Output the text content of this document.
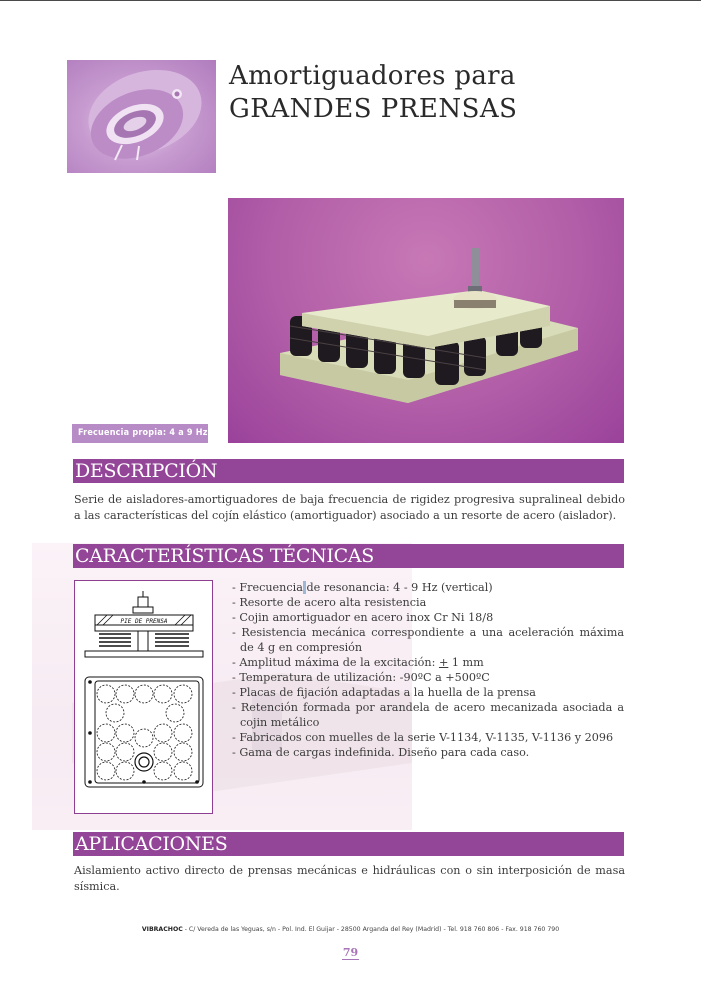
Amortiguadores para
GRANDES PRENSAS
Frecuencia propia: 4 a 9 Hz
DESCRIPCIÓN
Serie de aisladores-amortiguadores de baja frecuencia de rigidez progresiva supralineal debido a las características del cojín elástico (amortiguador) asociado a un resorte de acero (aislador).
CARACTERÍSTICAS TÉCNICAS
PIE DE PRENSA
- Frecuencia de resonancia: 4 - 9 Hz (vertical)
- Resorte de acero alta resistencia
- Cojin amortiguador en acero inox Cr Ni 18/8
- Resistencia mecánica correspondiente a una aceleración máxima de 4 g en compresión
- Amplitud máxima de la excitación: + 1 mm
- Temperatura de utilización: -90ºC a +500ºC
- Placas de fijación adaptadas a la huella de la prensa
- Retención formada por arandela de acero mecanizada asociada a cojin metálico
- Fabricados con muelles de la serie V-1134, V-1135, V-1136 y 2096
- Gama de cargas indefinida. Diseño para cada caso.
APLICACIONES
Aislamiento activo directo de prensas mecánicas e hidráulicas con o sin interposición de masa sísmica.
VIBRACHOC - C/ Vereda de las Yeguas, s/n - Pol. Ind. El Guijar - 28500 Arganda del Rey (Madrid) - Tel. 918 760 806 - Fax. 918 760 790
79
